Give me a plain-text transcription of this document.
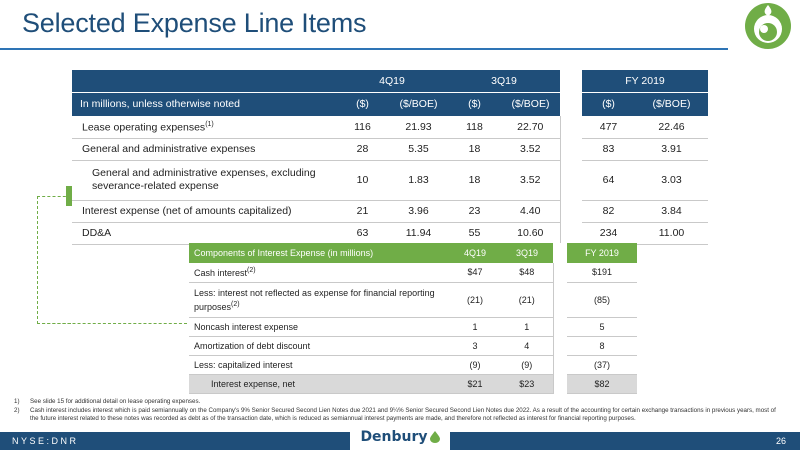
Selected Expense Line Items
	4Q19		3Q19			FY 2019	
In millions, unless otherwise noted	($)	($/BOE)	($)	($/BOE)		($)	($/BOE)
Lease operating expenses$^{(1)}$	116	21.93	118	22.70		477	22.46
General and administrative expenses	28	5.35	18	3.52		83	3.91
General and administrative expenses, excluding severance-related expense	10	1.83	18	3.52		64	3.03
Interest expense (net of amounts capitalized)	21	3.96	23	4.40		82	3.84
DD&A	63	11.94	55	10.60		234	11.00
Components of Interest Expense (in millions)	4Q19	3Q19		FY 2019
Cash interest$^{(2)}$	$47	$48		$191
Less: interest not reflected as expense for financial reporting purposes$^{(2)}$	(21)	(21)		(85)
Noncash interest expense	1	1		5
Amortization of debt discount	3	4		8
Less: capitalized interest	(9)	(9)		(37)
Interest expense, net	$21	$23		$82
1)	See slide 15 for additional detail on lease operating expenses.
2)	Cash interest includes interest which is paid semiannually on the Company's 9% Senior Secured Second Lien Notes due 2021 and 9¼% Senior Secured Second Lien Notes due 2022. As a result of the accounting for certain exchange transactions in previous years, most of the future interest related to these notes was recorded as debt as of the transaction date, which is reduced as semiannual interest payments are made, and therefore not reflected as interest for financial reporting purposes.
NYSE:DNR	Denbury	26
